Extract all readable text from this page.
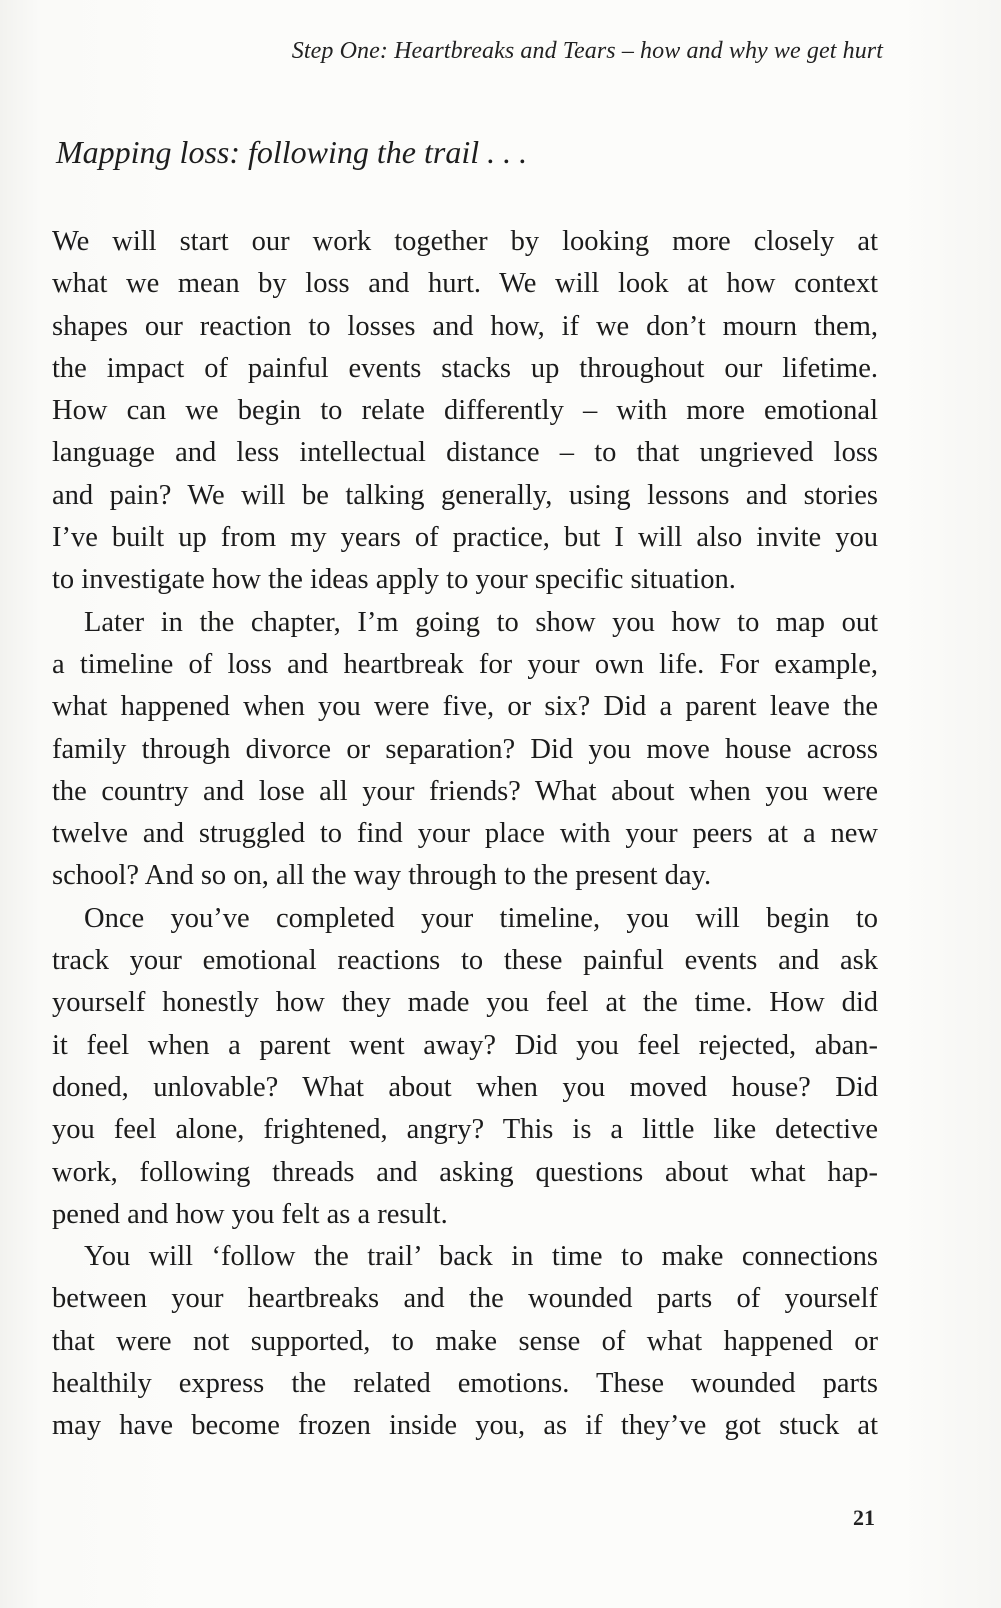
Step One: Heartbreaks and Tears – how and why we get hurt
Mapping loss: following the trail . . .
We will start our work together by looking more closely at
what we mean by loss and hurt. We will look at how context
shapes our reaction to losses and how, if we don’t mourn them,
the impact of painful events stacks up throughout our lifetime.
How can we begin to relate differently – with more emotional
language and less intellectual distance – to that ungrieved loss
and pain? We will be talking generally, using lessons and stories
I’ve built up from my years of practice, but I will also invite you
to investigate how the ideas apply to your specific situation.
Later in the chapter, I’m going to show you how to map out
a timeline of loss and heartbreak for your own life. For example,
what happened when you were five, or six? Did a parent leave the
family through divorce or separation? Did you move house across
the country and lose all your friends? What about when you were
twelve and struggled to find your place with your peers at a new
school? And so on, all the way through to the present day.
Once you’ve completed your timeline, you will begin to
track your emotional reactions to these painful events and ask
yourself honestly how they made you feel at the time. How did
it feel when a parent went away? Did you feel rejected, aban-
doned, unlovable? What about when you moved house? Did
you feel alone, frightened, angry? This is a little like detective
work, following threads and asking questions about what hap-
pened and how you felt as a result.
You will ‘follow the trail’ back in time to make connections
between your heartbreaks and the wounded parts of yourself
that were not supported, to make sense of what happened or
healthily express the related emotions. These wounded parts
may have become frozen inside you, as if they’ve got stuck at
21
